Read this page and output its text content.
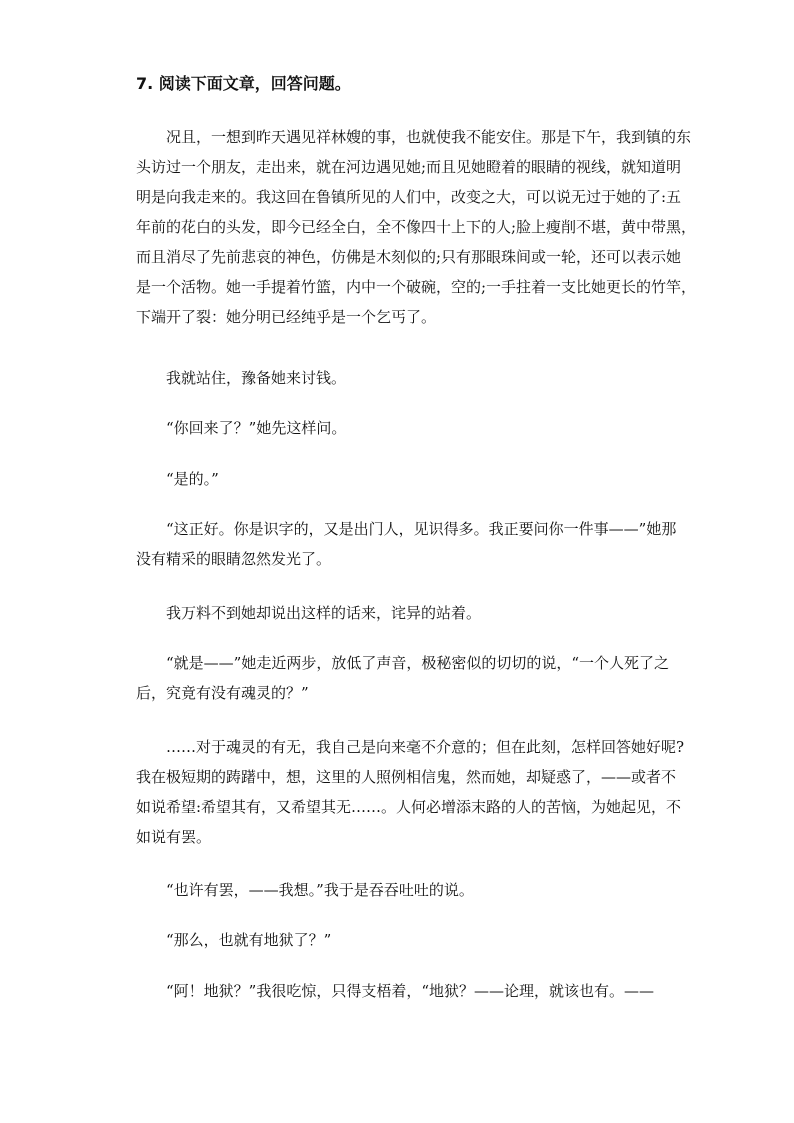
7. 阅读下面文章，回答问题。
况且，一想到昨天遇见祥林嫂的事，也就使我不能安住。那是下午，我到镇的东
头访过一个朋友，走出来，就在河边遇见她;而且见她瞪着的眼睛的视线，就知道明
明是向我走来的。我这回在鲁镇所见的人们中，改变之大，可以说无过于她的了:五
年前的花白的头发，即今已经全白，全不像四十上下的人;脸上瘦削不堪，黄中带黑，
而且消尽了先前悲哀的神色，仿佛是木刻似的;只有那眼珠间或一轮，还可以表示她
是一个活物。她一手提着竹篮，内中一个破碗，空的;一手拄着一支比她更长的竹竿，
下端开了裂：她分明已经纯乎是一个乞丐了。
我就站住，豫备她来讨钱。
“你回来了？”她先这样问。
“是的。”
“这正好。你是识字的，又是出门人，见识得多。我正要问你一件事——”她那
没有精采的眼睛忽然发光了。
我万料不到她却说出这样的话来，诧异的站着。
“就是——”她走近两步，放低了声音，极秘密似的切切的说，“一个人死了之
后，究竟有没有魂灵的？”
……对于魂灵的有无，我自己是向来毫不介意的；但在此刻，怎样回答她好呢?
我在极短期的踌躇中，想，这里的人照例相信鬼，然而她，却疑惑了，——或者不
如说希望:希望其有，又希望其无……。人何必增添末路的人的苦恼，为她起见，不
如说有罢。
“也许有罢，——我想。”我于是吞吞吐吐的说。
“那么，也就有地狱了？”
“阿！地狱？”我很吃惊，只得支梧着，“地狱？——论理，就该也有。——
